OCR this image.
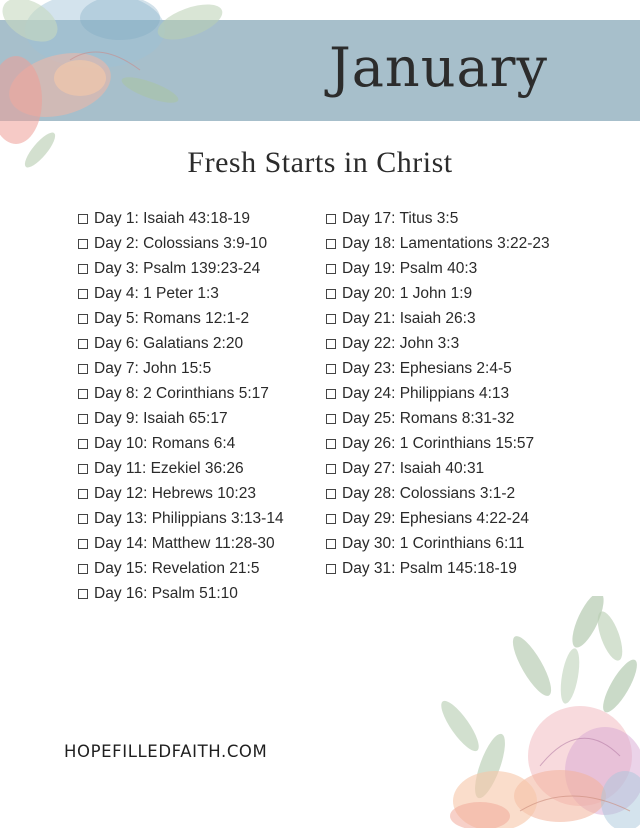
January
Fresh Starts in Christ
Day 1: Isaiah 43:18-19
Day 2: Colossians 3:9-10
Day 3: Psalm 139:23-24
Day 4: 1 Peter 1:3
Day 5: Romans 12:1-2
Day 6: Galatians 2:20
Day 7: John 15:5
Day 8: 2 Corinthians 5:17
Day 9: Isaiah 65:17
Day 10: Romans 6:4
Day 11: Ezekiel 36:26
Day 12: Hebrews 10:23
Day 13: Philippians 3:13-14
Day 14: Matthew 11:28-30
Day 15: Revelation 21:5
Day 16: Psalm 51:10
Day 17: Titus 3:5
Day 18: Lamentations 3:22-23
Day 19: Psalm 40:3
Day 20: 1 John 1:9
Day 21: Isaiah 26:3
Day 22: John 3:3
Day 23: Ephesians 2:4-5
Day 24: Philippians 4:13
Day 25: Romans 8:31-32
Day 26: 1 Corinthians 15:57
Day 27: Isaiah 40:31
Day 28: Colossians 3:1-2
Day 29: Ephesians 4:22-24
Day 30: 1 Corinthians 6:11
Day 31: Psalm 145:18-19
HOPEFILLEDFAITH.COM
